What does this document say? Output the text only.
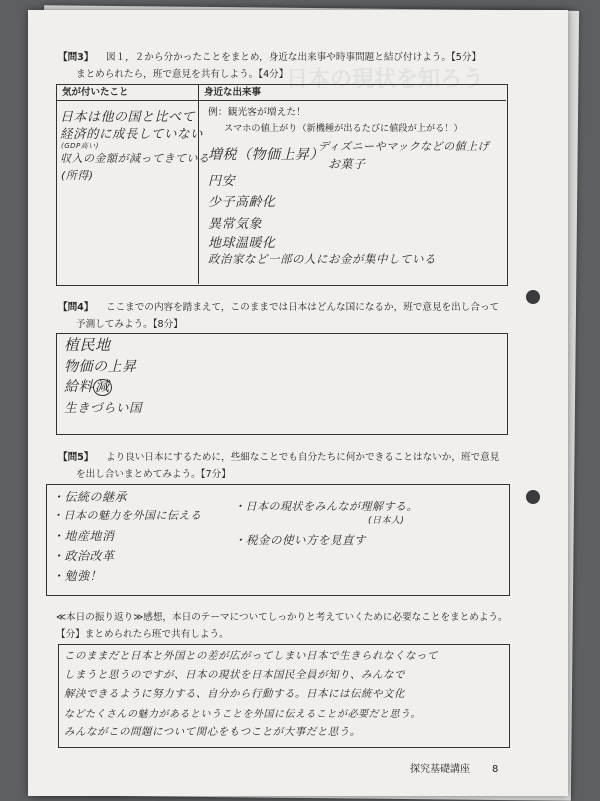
日本の現状を知ろう
【問3】 図１，２から分かったことをまとめ，身近な出来事や時事問題と結び付けよう。【5分】
まとめられたら，班で意見を共有しよう。【4分】
気が付いたこと	身近な出来事
日本は他の国と比べて
経済的に成長していない
(GDP高い)
収入の金額が減ってきている
(所得)
例：観光客が増えた！
スマホの値上がり（新機種が出るたびに値段が上がる！）
増税（物価上昇）
ディズニーやマックなどの値上げ
お菓子
円安
少子高齢化
異常気象
地球温暖化
政治家など一部の人にお金が集中している
【問4】 ここまでの内容を踏まえて，このままでは日本はどんな国になるか，班で意見を出し合って
予測してみよう。【8分】
植民地
物価の上昇
給料 減
生きづらい国
【問5】 より良い日本にするために，些細なことでも自分たちに何かできることはないか，班で意見
を出し合いまとめてみよう。【7分】
・伝統の継承
・日本の魅力を外国に伝える
・地産地消
・政治改革
・勉強！
・日本の現状をみんなが理解する。
(日本人)
・税金の使い方を見直す
≪本日の振り返り≫感想，本日のテーマについてしっかりと考えていくために必要なことをまとめよう。
【分】まとめられたら班で共有しよう。
このままだと日本と外国との差が広がってしまい日本で生きられなくなって
しまうと思うのですが、日本の現状を日本国民全員が知り、みんなで
解決できるように努力する、自分から行動する。日本には伝統や文化
などたくさんの魅力があるということを外国に伝えることが必要だと思う。
みんながこの問題について関心をもつことが大事だと思う。
探究基礎講座 8
